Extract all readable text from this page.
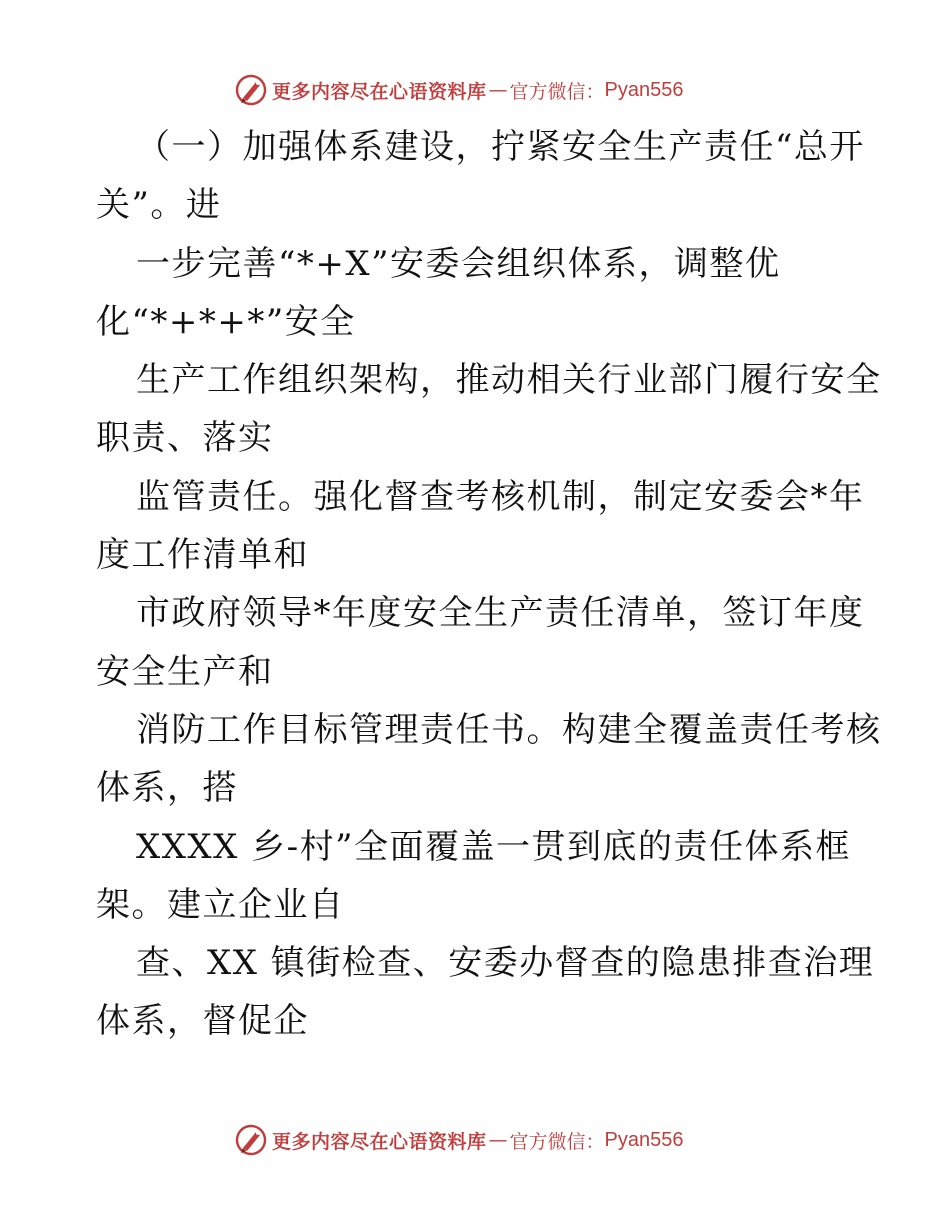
更多内容尽在心语资料库 — 官方微信： Pyan556
（一）加强体系建设，拧紧安全生产责任“总开
关”。进
一步完善“*+X”安委会组织体系，调整优
化“*+*+*”安全
生产工作组织架构，推动相关行业部门履行安全
职责、落实
监管责任。强化督查考核机制，制定安委会*年
度工作清单和
市政府领导*年度安全生产责任清单，签订年度
安全生产和
消防工作目标管理责任书。构建全覆盖责任考核
体系，搭
XXXX 乡-村”全面覆盖一贯到底的责任体系框
架。建立企业自
查、XX 镇街检查、安委办督查的隐患排查治理
体系，督促企
更多内容尽在心语资料库 — 官方微信： Pyan556
